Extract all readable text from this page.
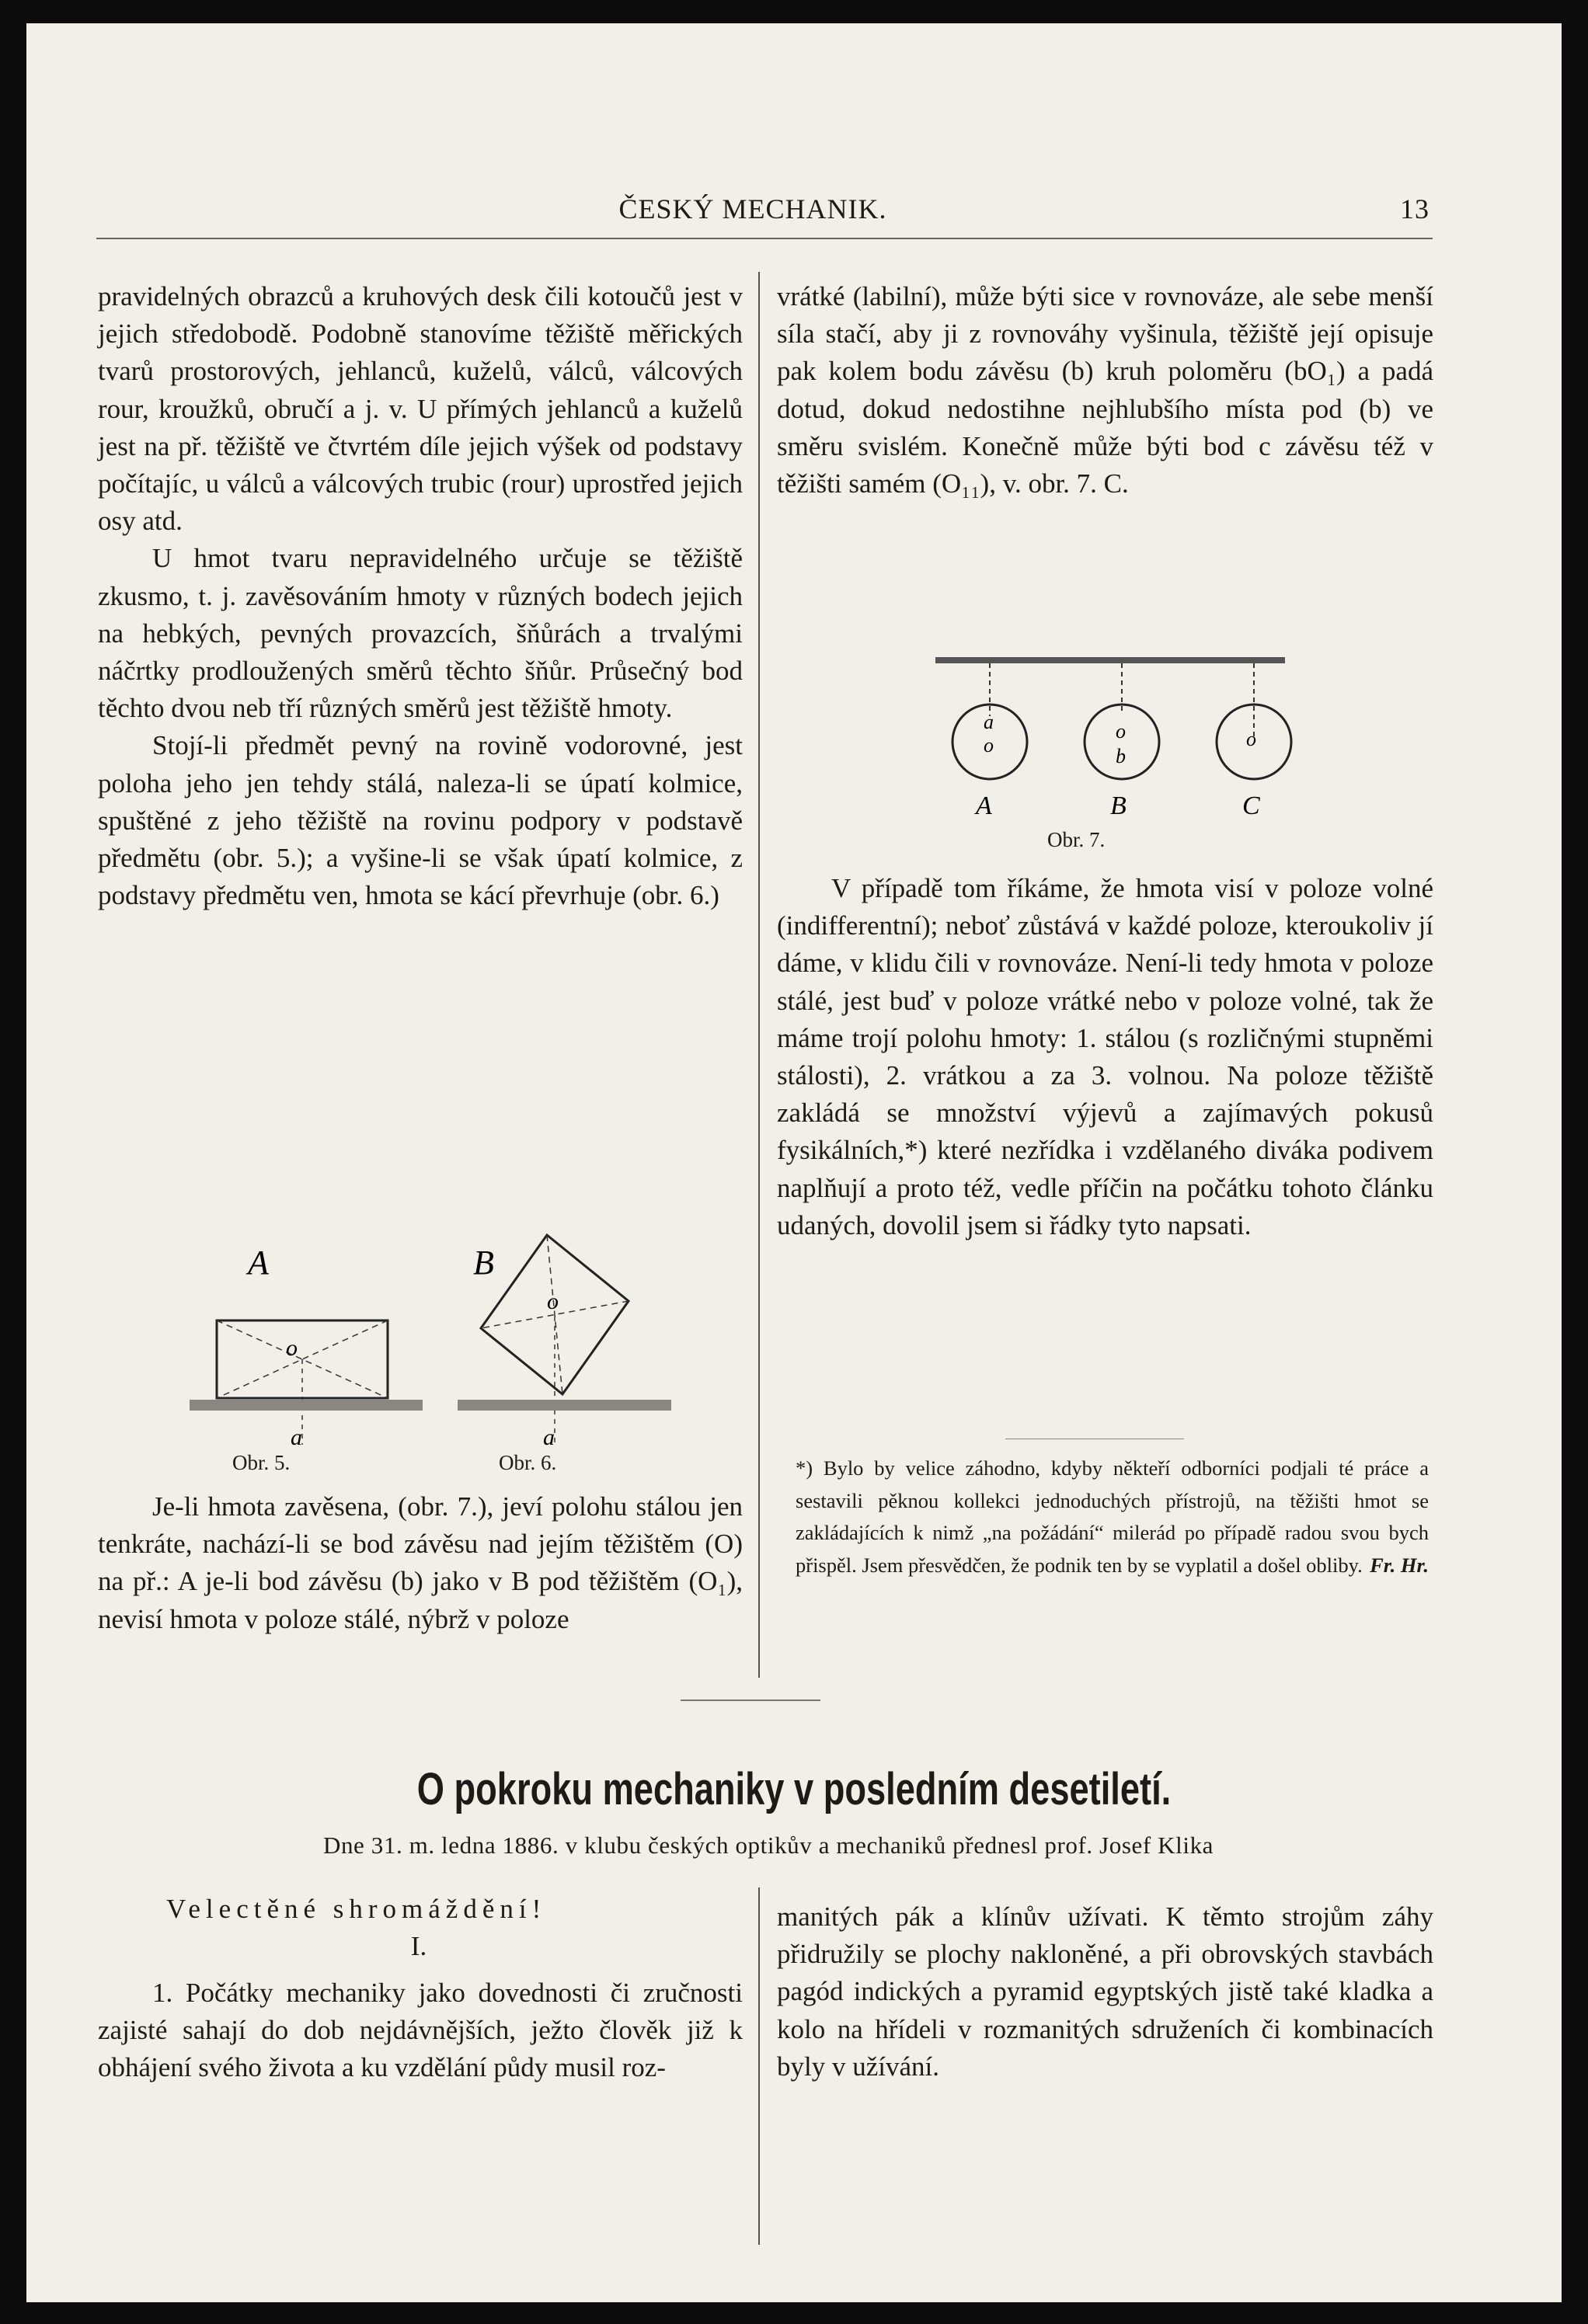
ČESKÝ MECHANIK.	13

pravidelných obrazců a kruhových desk čili kotoučů jest v jejich středobodě. Podobně stanovíme těžiště měřických tvarů prostorových, jehlanců, kuželů, válců, válcových rour, kroužků, obručí a j. v. U přímých jehlanců a kuželů jest na př. těžiště ve čtvrtém díle jejich výšek od podstavy počítajíc, u válců a válcových trubic (rour) uprostřed jejich osy atd.

U hmot tvaru nepravidelného určuje se těžiště zkusmo, t. j. zavěsováním hmoty v různých bodech jejich na hebkých, pevných provazcích, šňůrách a trvalými náčrtky prodloužených směrů těchto šňůr. Průsečný bod těchto dvou neb tří různých směrů jest těžiště hmoty.

Stojí-li předmět pevný na rovině vodorovné, jest poloha jeho jen tehdy stálá, naleza-li se úpatí kolmice, spuštěné z jeho těžiště na rovinu podpory v podstavě předmětu (obr. 5.); a vyšine-li se však úpatí kolmice, z podstavy předmětu ven, hmota se kácí převrhuje (obr. 6.)

A
o
a
B
o
a
Obr. 5.	Obr. 6.

Je-li hmota zavěsena, (obr. 7.), jeví polohu stálou jen tenkráte, nachází-li se bod závěsu nad jejím těžištěm (O) na př.: A je-li bod závěsu (b) jako v B pod těžištěm (O₁), nevisí hmota v poloze stálé, nýbrž v poloze

vrátké (labilní), může býti sice v rovnováze, ale sebe menší síla stačí, aby ji z rovnováhy vyšinula, těžiště její opisuje pak kolem bodu závěsu (b) kruh poloměru (bO₁) a padá dotud, dokud nedostihne nejhlubšího místa pod (b) ve směru svislém. Konečně může býti bod c závěsu též v těžišti samém (O₁₁), v. obr. 7. C.

a
o
o
b
o
A	B	C
Obr. 7.

V případě tom říkáme, že hmota visí v poloze volné (indifferentní); neboť zůstává v každé poloze, kteroukoliv jí dáme, v klidu čili v rovnováze. Není-li tedy hmota v poloze stálé, jest buď v poloze vrátké nebo v poloze volné, tak že máme trojí polohu hmoty: 1. stálou (s rozličnými stupněmi stálosti), 2. vrátkou a za 3. volnou. Na poloze těžiště zakládá se množství výjevů a zajímavých pokusů fysikálních,*) které nezřídka i vzdělaného diváka podivem naplňují a proto též, vedle příčin na počátku tohoto článku udaných, dovolil jsem si řádky tyto napsati.

*) Bylo by velice záhodno, kdyby někteří odborníci podjali té práce a sestavili pěknou kollekci jednoduchých přístrojů, na těžišti hmot se zakládajících k nimž „na požádání“ milerád po případě radou svou bych přispěl. Jsem přesvědčen, že podnik ten by se vyplatil a došel obliby. Fr. Hr.

O pokroku mechaniky v posledním desetiletí.
Dne 31. m. ledna 1886. v klubu českých optikův a mechaniků přednesl prof. Josef Klika
Velectěné shromáždění!
I.

1. Počátky mechaniky jako dovednosti či zručnosti zajisté sahají do dob nejdávnějších, ježto člověk již k obhájení svého života a ku vzdělání půdy musil roz-

manitých pák a klínův užívati. K těmto strojům záhy přidružily se plochy nakloněné, a při obrovských stavbách pagód indických a pyramid egyptských jistě také kladka a kolo na hřídeli v rozmanitých sdruženích či kombinacích byly v užívání.
